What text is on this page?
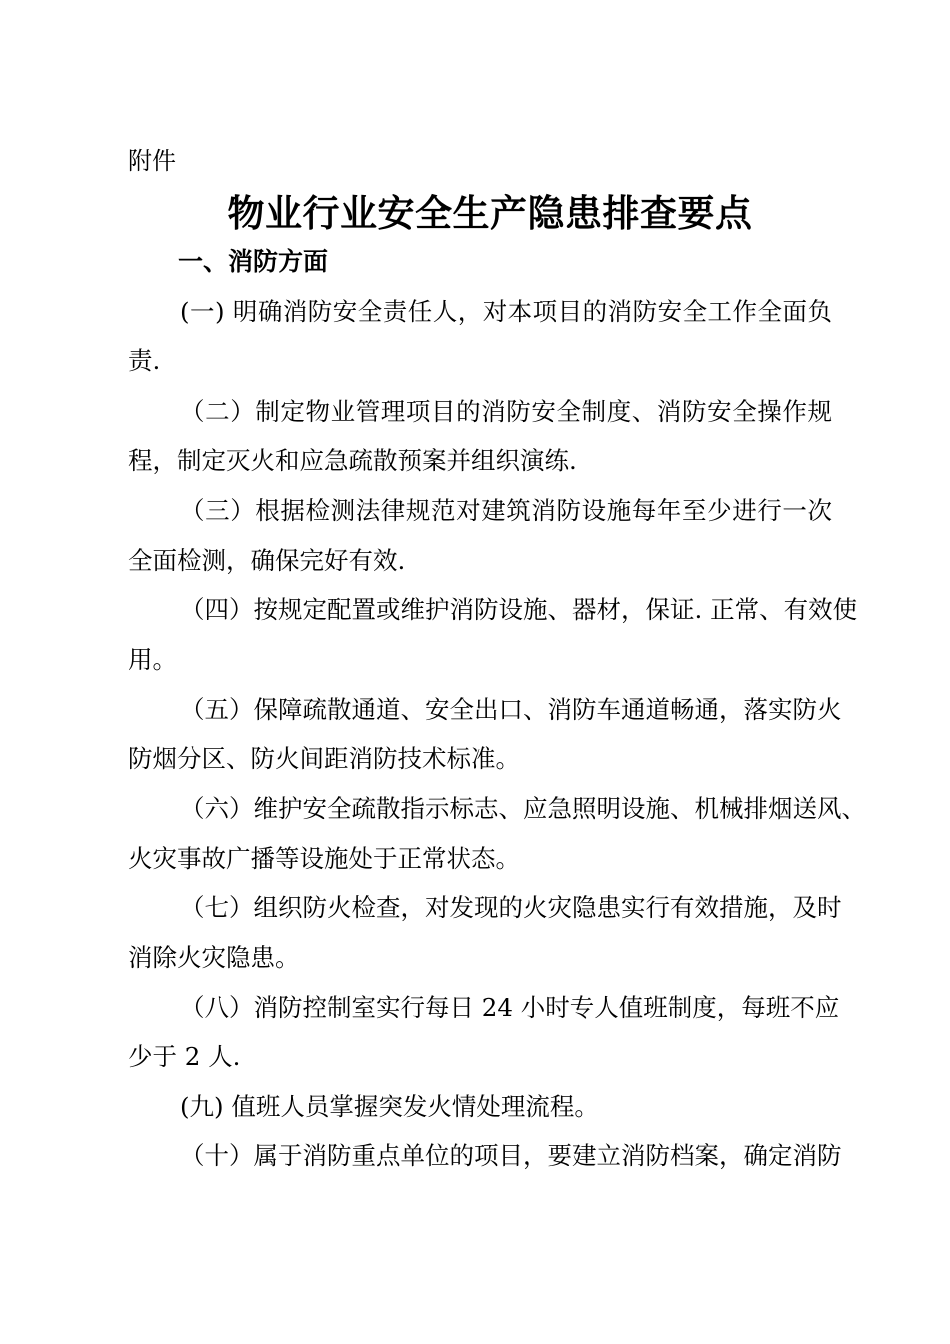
附件
物业行业安全生产隐患排查要点
一、消防方面
(一) 明确消防安全责任人，对本项目的消防安全工作全面负
责.
（二）制定物业管理项目的消防安全制度、消防安全操作规
程，制定灭火和应急疏散预案并组织演练.
（三）根据检测法律规范对建筑消防设施每年至少进行一次
全面检测，确保完好有效.
（四）按规定配置或维护消防设施、器材，保证. 正常、有效使
用。
（五）保障疏散通道、安全出口、消防车通道畅通，落实防火
防烟分区、防火间距消防技术标准。
（六）维护安全疏散指示标志、应急照明设施、机械排烟送风、
火灾事故广播等设施处于正常状态。
（七）组织防火检查，对发现的火灾隐患实行有效措施，及时
消除火灾隐患。
（八）消防控制室实行每日 24 小时专人值班制度，每班不应
少于 2 人.
(九) 值班人员掌握突发火情处理流程。
（十）属于消防重点单位的项目，要建立消防档案，确定消防
